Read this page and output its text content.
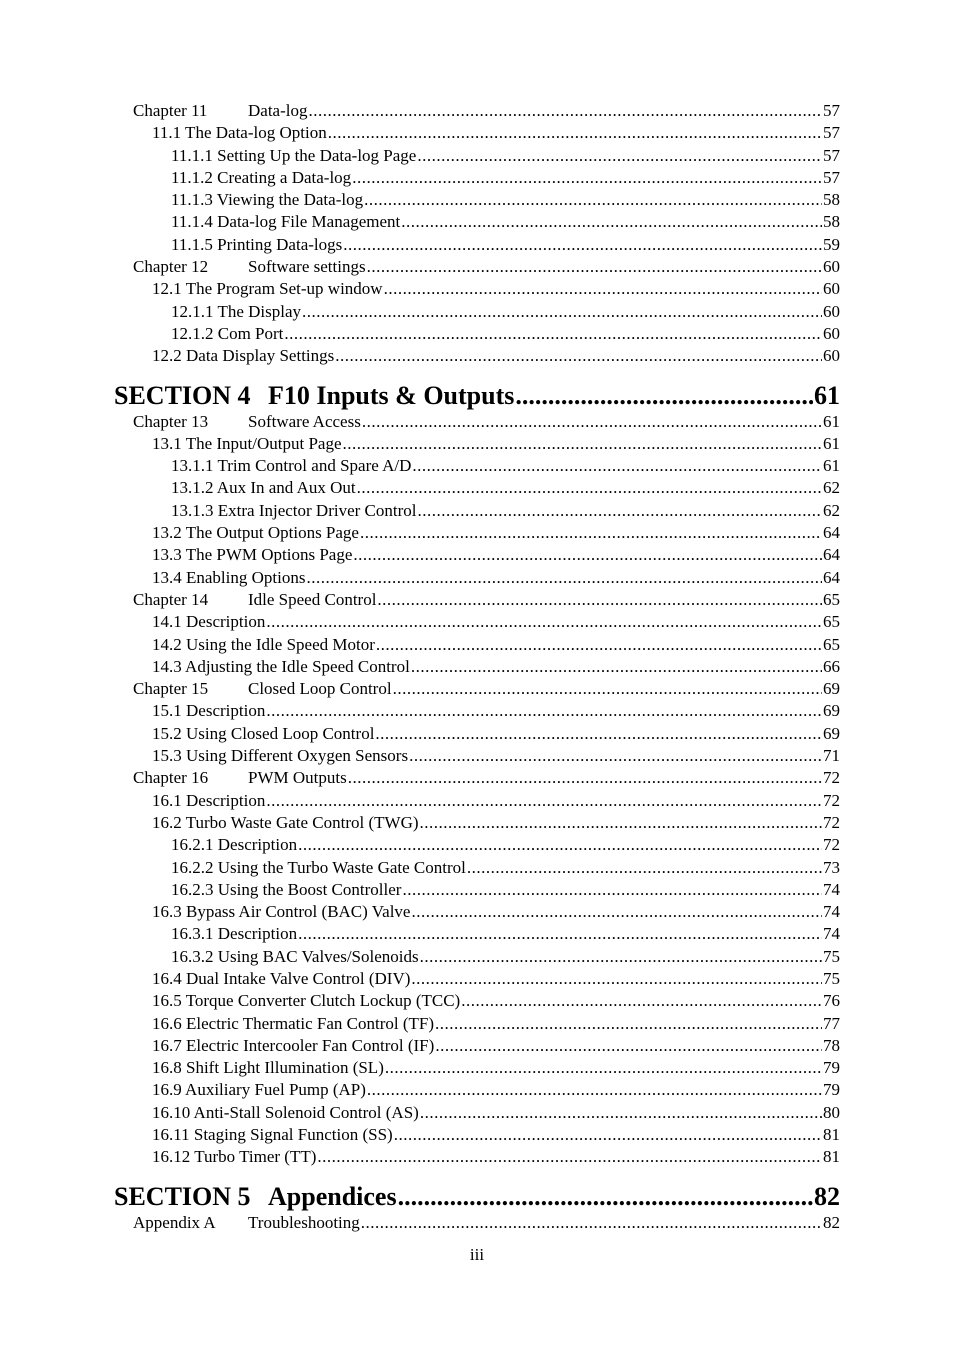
Chapter 11	Data-log .....	57
11.1 The Data-log Option .....	57
11.1.1 Setting Up the Data-log Page .....	57
11.1.2 Creating a Data-log .....	57
11.1.3 Viewing the Data-log .....	58
11.1.4 Data-log File Management .....	58
11.1.5 Printing Data-logs .....	59
Chapter 12	Software settings .....	60
12.1 The Program Set-up window .....	60
12.1.1 The Display .....	60
12.1.2 Com Port .....	60
12.2 Data Display Settings .....	60
SECTION 4 F10 Inputs & Outputs .....	61
Chapter 13	Software Access .....	61
13.1 The Input/Output Page .....	61
13.1.1 Trim Control and Spare A/D .....	61
13.1.2 Aux In and Aux Out .....	62
13.1.3 Extra Injector Driver Control .....	62
13.2 The Output Options Page .....	64
13.3 The PWM Options Page .....	64
13.4 Enabling Options .....	64
Chapter 14	Idle Speed Control .....	65
14.1 Description .....	65
14.2 Using the Idle Speed Motor .....	65
14.3 Adjusting the Idle Speed Control .....	66
Chapter 15	Closed Loop Control .....	69
15.1 Description .....	69
15.2 Using Closed Loop Control .....	69
15.3 Using Different Oxygen Sensors .....	71
Chapter 16	PWM Outputs .....	72
16.1 Description .....	72
16.2 Turbo Waste Gate Control (TWG) .....	72
16.2.1 Description .....	72
16.2.2 Using the Turbo Waste Gate Control .....	73
16.2.3 Using the Boost Controller .....	74
16.3 Bypass Air Control (BAC) Valve .....	74
16.3.1 Description .....	74
16.3.2 Using BAC Valves/Solenoids .....	75
16.4 Dual Intake Valve Control (DIV) .....	75
16.5 Torque Converter Clutch Lockup (TCC) .....	76
16.6 Electric Thermatic Fan Control (TF) .....	77
16.7 Electric Intercooler Fan Control (IF) .....	78
16.8 Shift Light Illumination (SL) .....	79
16.9 Auxiliary Fuel Pump (AP) .....	79
16.10 Anti-Stall Solenoid Control (AS) .....	80
16.11 Staging Signal Function (SS) .....	81
16.12 Turbo Timer (TT) .....	81
SECTION 5 Appendices .....	82
Appendix A	Troubleshooting .....	82
iii
